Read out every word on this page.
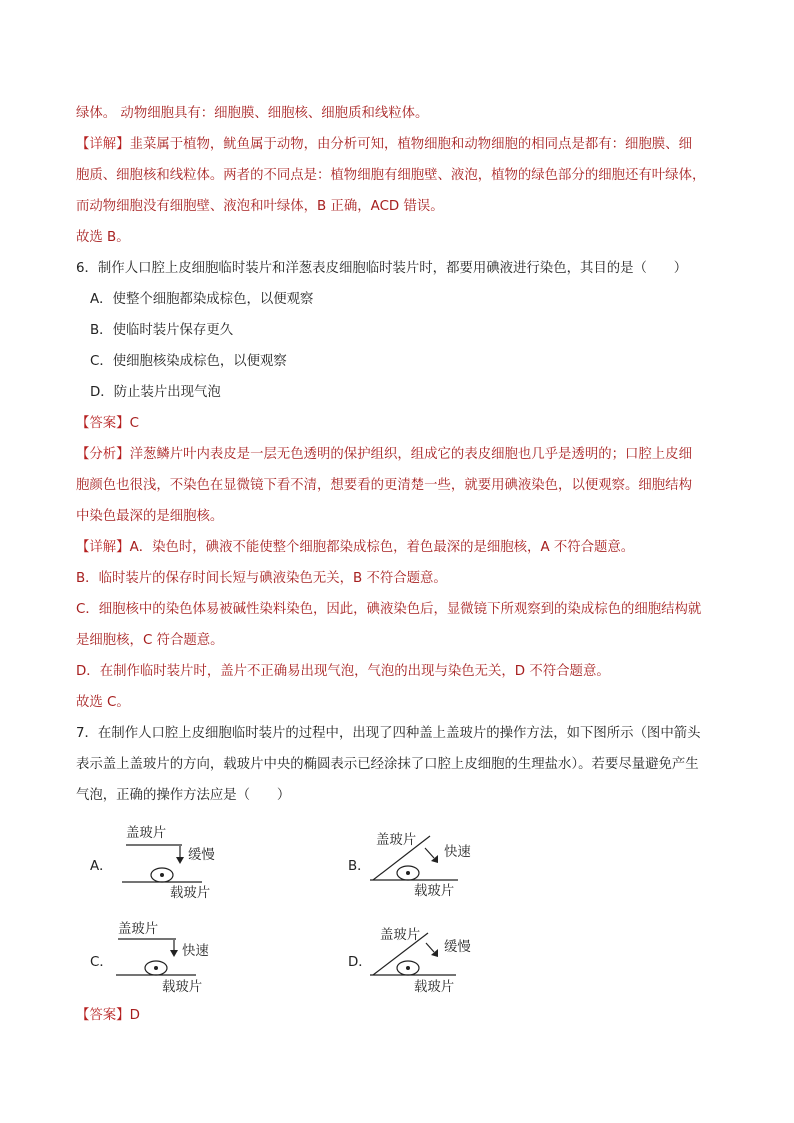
绿体。 动物细胞具有：细胞膜、细胞核、细胞质和线粒体。
【详解】韭菜属于植物，鱿鱼属于动物，由分析可知，植物细胞和动物细胞的相同点是都有：细胞膜、细
胞质、细胞核和线粒体。两者的不同点是：植物细胞有细胞壁、液泡，植物的绿色部分的细胞还有叶绿体，
而动物细胞没有细胞壁、液泡和叶绿体，B 正确，ACD 错误。
故选 B。
6．制作人口腔上皮细胞临时装片和洋葱表皮细胞临时装片时，都要用碘液进行染色，其目的是（　　）
A．使整个细胞都染成棕色，以便观察
B．使临时装片保存更久
C．使细胞核染成棕色，以便观察
D．防止装片出现气泡
【答案】C
【分析】洋葱鳞片叶内表皮是一层无色透明的保护组织，组成它的表皮细胞也几乎是透明的；口腔上皮细
胞颜色也很浅，不染色在显微镜下看不清，想要看的更清楚一些，就要用碘液染色，以便观察。细胞结构
中染色最深的是细胞核。
【详解】A．染色时，碘液不能使整个细胞都染成棕色，着色最深的是细胞核，A 不符合题意。
B．临时装片的保存时间长短与碘液染色无关，B 不符合题意。
C．细胞核中的染色体易被碱性染料染色，因此，碘液染色后，显微镜下所观察到的染成棕色的细胞结构就
是细胞核，C 符合题意。
D．在制作临时装片时，盖片不正确易出现气泡，气泡的出现与染色无关，D 不符合题意。
故选 C。
7．在制作人口腔上皮细胞临时装片的过程中，出现了四种盖上盖玻片的操作方法，如下图所示（图中箭头
表示盖上盖玻片的方向，载玻片中央的椭圆表示已经涂抹了口腔上皮细胞的生理盐水）。若要尽量避免产生
气泡，正确的操作方法应是（　　）
A．
盖玻片
缓慢
载玻片
B．
盖玻片
快速
载玻片
C．
盖玻片
快速
载玻片
D．
盖玻片
缓慢
载玻片
【答案】D
